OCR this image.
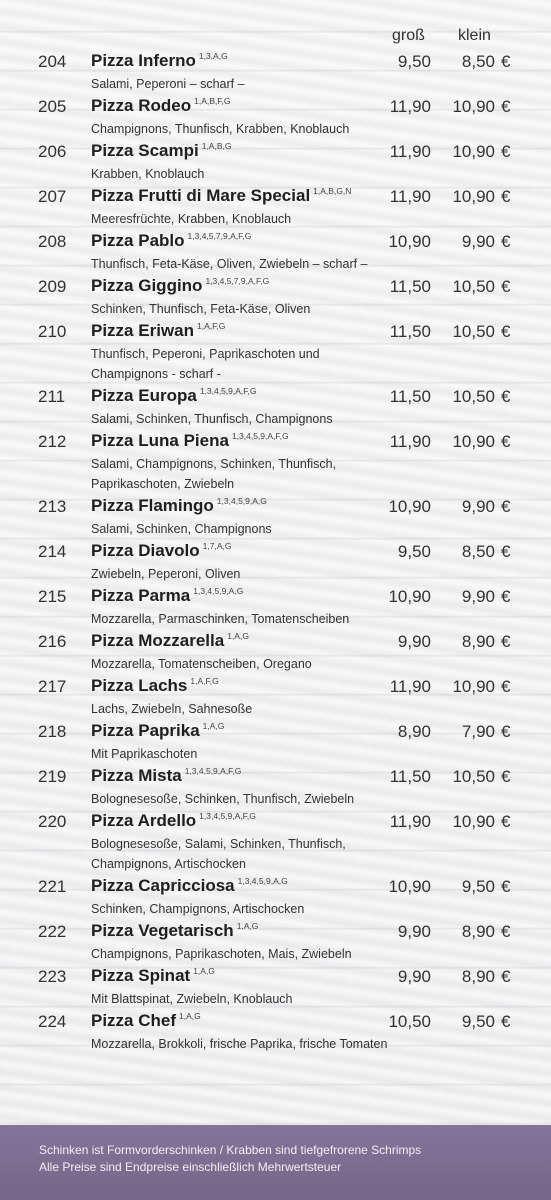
groß klein
204 Pizza Inferno $^{1,3,A,G}$	9,50 8,50 €
Salami, Peperoni – scharf –
205 Pizza Rodeo $^{1,A,B,F,G}$	11,90 10,90 €
Champignons, Thunfisch, Krabben, Knoblauch
206 Pizza Scampi $^{1,A,B,G}$	11,90 10,90 €
Krabben, Knoblauch
207 Pizza Frutti di Mare Special $^{1,A,B,G,N}$ 11,90 10,90 €
Meeresfrüchte, Krabben, Knoblauch
208 Pizza Pablo $^{1,3,4,5,7,9,A,F,G}$	10,90 9,90 €
Thunfisch, Feta-Käse, Oliven, Zwiebeln – scharf –
209 Pizza Giggino $^{1,3,4,5,7,9,A,F,G}$	11,50 10,50 €
Schinken, Thunfisch, Feta-Käse, Oliven
210 Pizza Eriwan $^{1,A,F,G}$	11,50 10,50 €
Thunfisch, Peperoni, Paprikaschoten und
Champignons - scharf -
211 Pizza Europa $^{1,3,4,5,9,A,F,G}$	11,50 10,50 €
Salami, Schinken, Thunfisch, Champignons
212 Pizza Luna Piena $^{1,3,4,5,9,A,F,G}$	11,90 10,90 €
Salami, Champignons, Schinken, Thunfisch,
Paprikaschoten, Zwiebeln
213 Pizza Flamingo $^{1,3,4,5,9,A,G}$	10,90 9,90 €
Salami, Schinken, Champignons
214 Pizza Diavolo $^{1,7,A,G}$	9,50 8,50 €
Zwiebeln, Peperoni, Oliven
215 Pizza Parma $^{1,3,4,5,9,A,G}$	10,90 9,90 €
Mozzarella, Parmaschinken, Tomatenscheiben
216 Pizza Mozzarella $^{1,A,G}$	9,90 8,90 €
Mozzarella, Tomatenscheiben, Oregano
217 Pizza Lachs $^{1,A,F,G}$	11,90 10,90 €
Lachs, Zwiebeln, Sahnesoße
218 Pizza Paprika $^{1,A,G}$	8,90 7,90 €
Mit Paprikaschoten
219 Pizza Mista $^{1,3,4,5,9,A,F,G}$	11,50 10,50 €
Bolognesesoße, Schinken, Thunfisch, Zwiebeln
220 Pizza Ardello $^{1,3,4,5,9,A,F,G}$	11,90 10,90 €
Bolognesesoße, Salami, Schinken, Thunfisch,
Champignons, Artischocken
221 Pizza Capricciosa $^{1,3,4,5,9,A,G}$	10,90 9,50 €
Schinken, Champignons, Artischocken
222 Pizza Vegetarisch $^{1,A,G}$	9,90 8,90 €
Champignons, Paprikaschoten, Mais, Zwiebeln
223 Pizza Spinat $^{1,A,G}$	9,90 8,90 €
Mit Blattspinat, Zwiebeln, Knoblauch
224 Pizza Chef $^{1,A,G}$	10,50 9,50 €
Mozzarella, Brokkoli, frische Paprika, frische Tomaten

Schinken ist Formvorderschinken / Krabben sind tiefgefrorene Schrimps

Alle Preise sind Endpreise einschließlich Mehrwertsteuer
